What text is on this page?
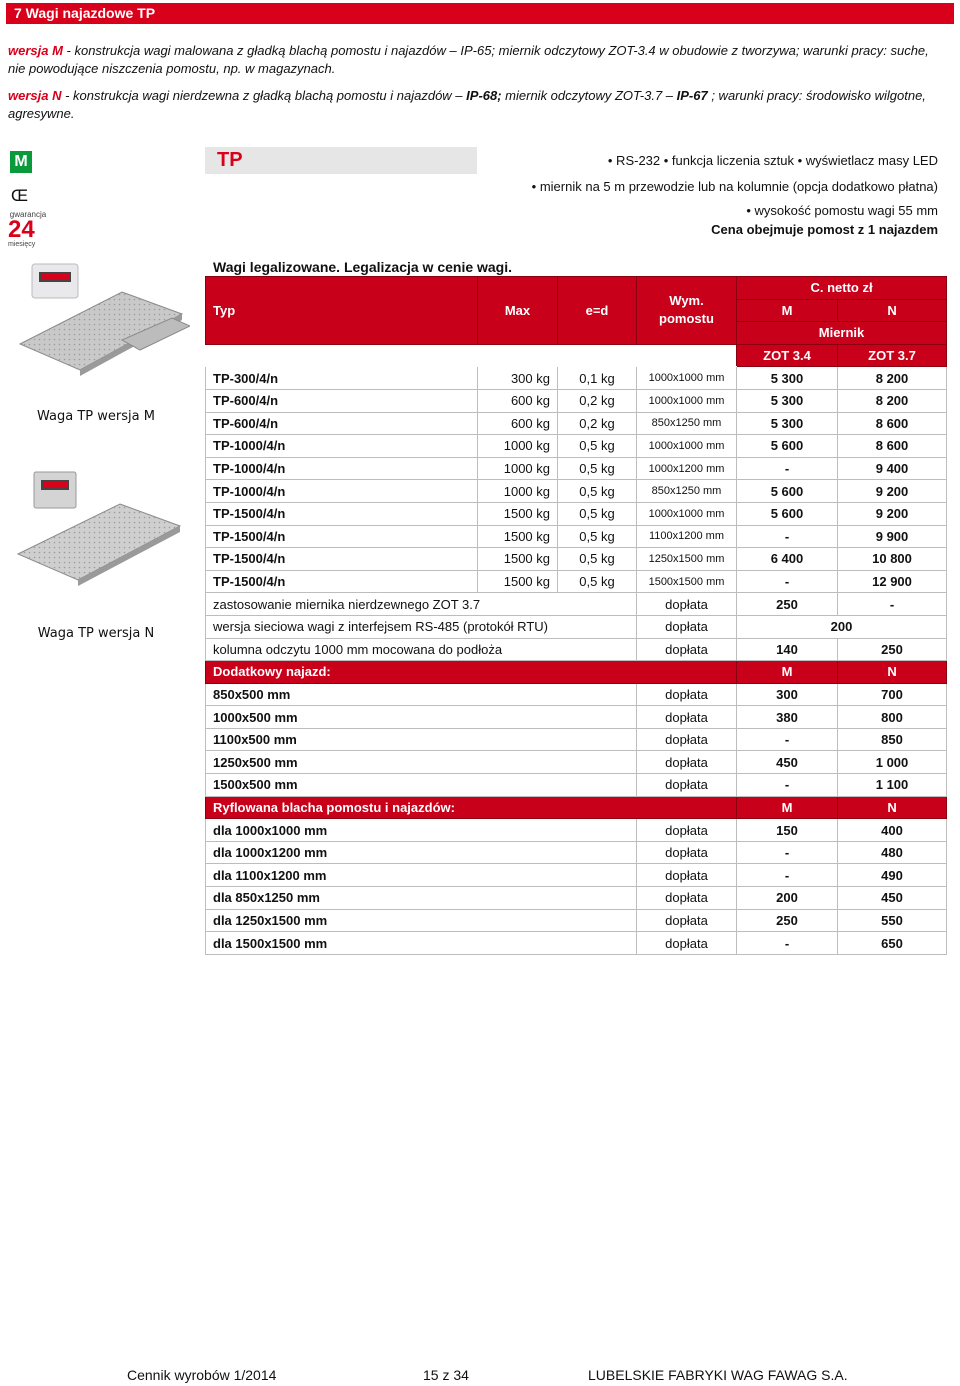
7 Wagi najazdowe TP
wersja M - konstrukcja wagi malowana z gładką blachą pomostu i najazdów – IP-65; miernik odczytowy ZOT-3.4 w obudowie z tworzywa; warunki pracy: suche, nie powodujące niszczenia pomostu, np. w magazynach.
wersja N - konstrukcja wagi nierdzewna z gładką blachą pomostu i najazdów – IP-68; miernik odczytowy ZOT-3.7 – IP-67 ; warunki pracy: środowisko wilgotne, agresywne.
M
Œ
gwarancja
24
miesięcy
TP	• RS-232 • funkcja liczenia sztuk • wyświetlacz masy LED
• miernik na 5 m przewodzie lub na kolumnie (opcja dodatkowo płatna)
• wysokość pomostu wagi 55 mm
Cena obejmuje pomost z 1 najazdem
Wagi legalizowane. Legalizacja w cenie wagi.
Waga TP wersja M
Waga TP wersja N
Typ	Max	e=d	Wym.
pomostu	C. netto zł	
				M	N
				Miernik	
				ZOT 3.4	ZOT 3.7
TP-300/4/n	300 kg	0,1 kg	1000x1000 mm	5 300	8 200
TP-600/4/n	600 kg	0,2 kg	1000x1000 mm	5 300	8 200
TP-600/4/n	600 kg	0,2 kg	850x1250 mm	5 300	8 600
TP-1000/4/n	1000 kg	0,5 kg	1000x1000 mm	5 600	8 600
TP-1000/4/n	1000 kg	0,5 kg	1000x1200 mm	-	9 400
TP-1000/4/n	1000 kg	0,5 kg	850x1250 mm	5 600	9 200
TP-1500/4/n	1500 kg	0,5 kg	1000x1000 mm	5 600	9 200
TP-1500/4/n	1500 kg	0,5 kg	1100x1200 mm	-	9 900
TP-1500/4/n	1500 kg	0,5 kg	1250x1500 mm	6 400	10 800
TP-1500/4/n	1500 kg	0,5 kg	1500x1500 mm	-	12 900
zastosowanie miernika nierdzewnego ZOT 3.7			dopłata	250	-
wersja sieciowa wagi z interfejsem RS-485 (protokół RTU)			dopłata	200	
kolumna odczytu 1000 mm mocowana do podłoża			dopłata	140	250
Dodatkowy najazd:				M	N
850x500 mm			dopłata	300	700
1000x500 mm			dopłata	380	800
1100x500 mm			dopłata	-	850
1250x500 mm			dopłata	450	1 000
1500x500 mm			dopłata	-	1 100
Ryflowana blacha pomostu i najazdów:				M	N
dla 1000x1000 mm			dopłata	150	400
dla 1000x1200 mm			dopłata	-	480
dla 1100x1200 mm			dopłata	-	490
dla 850x1250 mm			dopłata	200	450
dla 1250x1500 mm			dopłata	250	550
dla 1500x1500 mm			dopłata	-	650
Cennik wyrobów 1/2014	15 z 34	LUBELSKIE FABRYKI WAG FAWAG S.A.
